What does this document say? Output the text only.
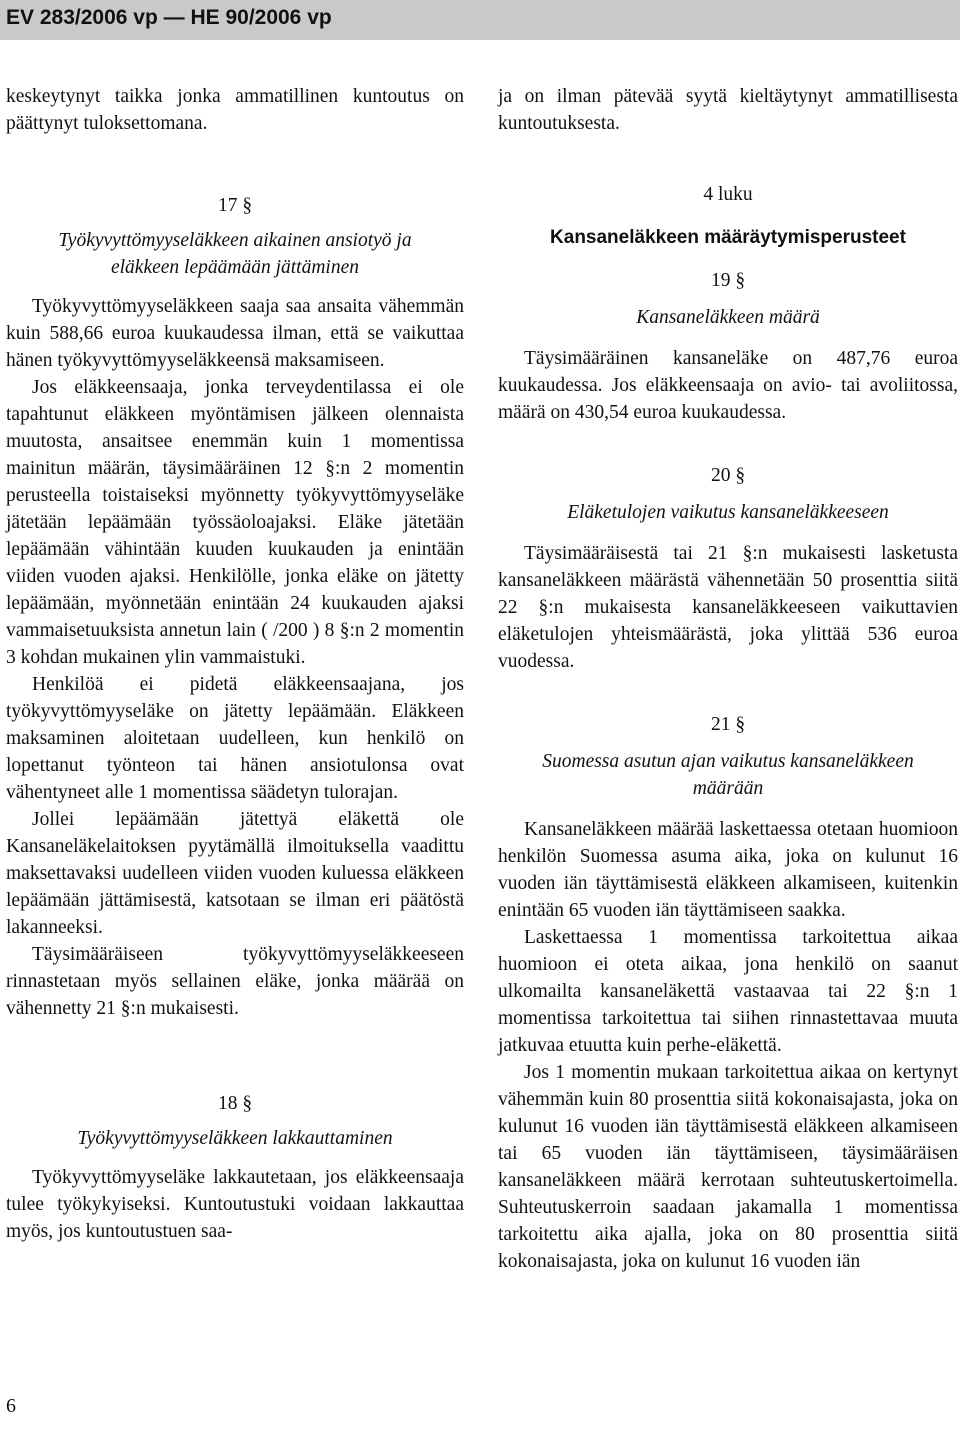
EV 283/2006 vp — HE 90/2006 vp

keskeytynyt taikka jonka ammatillinen kuntoutus on päättynyt tuloksettomana.

17 §

Työkyvyttömyyseläkkeen aikainen ansiotyö ja eläkkeen lepäämään jättäminen

Työkyvyttömyyseläkkeen saaja saa ansaita vähemmän kuin 588,66 euroa kuukaudessa ilman, että se vaikuttaa hänen työkyvyttömyyseläkkeensä maksamiseen.

Jos eläkkeensaaja, jonka terveydentilassa ei ole tapahtunut eläkkeen myöntämisen jälkeen olennaista muutosta, ansaitsee enemmän kuin 1 momentissa mainitun määrän, täysimääräinen 12 §:n 2 momentin perusteella toistaiseksi myönnetty työkyvyttömyyseläke jätetään lepäämään työssäoloajaksi. Eläke jätetään lepäämään vähintään kuuden kuukauden ja enintään viiden vuoden ajaksi. Henkilölle, jonka eläke on jätetty lepäämään, myönnetään enintään 24 kuukauden ajaksi vammaisetuuksista annetun lain ( /200 ) 8 §:n 2 momentin 3 kohdan mukainen ylin vammaistuki.

Henkilöä ei pidetä eläkkeensaajana, jos työkyvyttömyyseläke on jätetty lepäämään. Eläkkeen maksaminen aloitetaan uudelleen, kun henkilö on lopettanut työnteon tai hänen ansiotulonsa ovat vähentyneet alle 1 momentissa säädetyn tulorajan.

Jollei lepäämään jätettyä eläkettä ole Kansaneläkelaitoksen pyytämällä ilmoituksella vaadittu maksettavaksi uudelleen viiden vuoden kuluessa eläkkeen lepäämään jättämisestä, katsotaan se ilman eri päätöstä lakanneeksi.

Täysimääräiseen työkyvyttömyyseläkkeeseen rinnastetaan myös sellainen eläke, jonka määrää on vähennetty 21 §:n mukaisesti.

18 §

Työkyvyttömyyseläkkeen lakkauttaminen

Työkyvyttömyyseläke lakkautetaan, jos eläkkeensaaja tulee työkykyiseksi. Kuntoutustuki voidaan lakkauttaa myös, jos kuntoutustuen saa-

ja on ilman pätevää syytä kieltäytynyt ammatillisesta kuntoutuksesta.

4 luku

Kansaneläkkeen määräytymisperusteet

19 §

Kansaneläkkeen määrä

Täysimääräinen kansaneläke on 487,76 euroa kuukaudessa. Jos eläkkeensaaja on avio- tai avoliitossa, määrä on 430,54 euroa kuukaudessa.

20 §

Eläketulojen vaikutus kansaneläkkeeseen

Täysimääräisestä tai 21 §:n mukaisesti lasketusta kansaneläkkeen määrästä vähennetään 50 prosenttia siitä 22 §:n mukaisesta kansaneläkkeeseen vaikuttavien eläketulojen yhteismäärästä, joka ylittää 536 euroa vuodessa.

21 §

Suomessa asutun ajan vaikutus kansaneläkkeen määrään

Kansaneläkkeen määrää laskettaessa otetaan huomioon henkilön Suomessa asuma aika, joka on kulunut 16 vuoden iän täyttämisestä eläkkeen alkamiseen, kuitenkin enintään 65 vuoden iän täyttämiseen saakka.

Laskettaessa 1 momentissa tarkoitettua aikaa huomioon ei oteta aikaa, jona henkilö on saanut ulkomailta kansaneläkettä vastaavaa tai 22 §:n 1 momentissa tarkoitettua tai siihen rinnastettavaa muuta jatkuvaa etuutta kuin perhe-eläkettä.

Jos 1 momentin mukaan tarkoitettua aikaa on kertynyt vähemmän kuin 80 prosenttia siitä kokonaisajasta, joka on kulunut 16 vuoden iän täyttämisestä eläkkeen alkamiseen tai 65 vuoden iän täyttämiseen, täysimääräisen kansaneläkkeen määrä kerrotaan suhteutuskertoimella. Suhteutuskerroin saadaan jakamalla 1 momentissa tarkoitettu aika ajalla, joka on 80 prosenttia siitä kokonaisajasta, joka on kulunut 16 vuoden iän

6
